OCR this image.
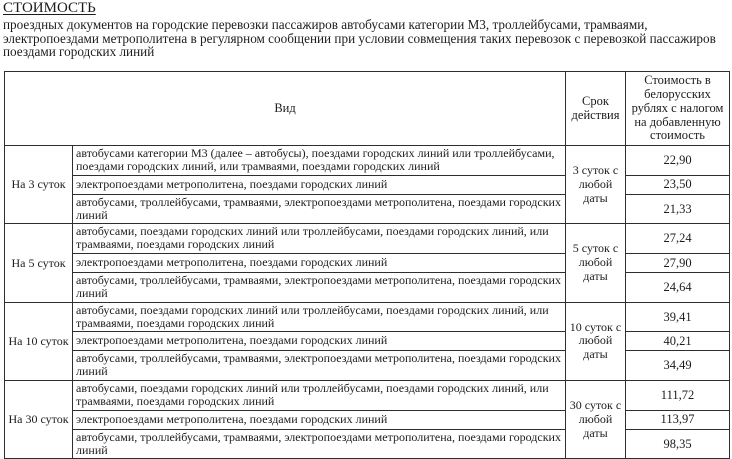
СТОИМОСТЬ
проездных документов на городские перевозки пассажиров автобусами категории М3, троллейбусами, трамваями, электропоездами метрополитена в регулярном сообщении при условии совмещения таких перевозок с перевозкой пассажиров поездами городских линий
Вид		Срок действия	Стоимость в белорусских рублях с налогом на добавленную стоимость
На 3 суток	автобусами категории М3 (далее – автобусы), поездами городских линий или троллейбусами, поездами городских линий, или трамваями, поездами городских линий	3 суток с любой даты	22,90
	электропоездами метрополитена, поездами городских линий		23,50
	автобусами, троллейбусами, трамваями, электропоездами метрополитена, поездами городских линий		21,33
На 5 суток	автобусами, поездами городских линий или троллейбусами, поездами городских линий, или трамваями, поездами городских линий	5 суток с любой даты	27,24
	электропоездами метрополитена, поездами городских линий		27,90
	автобусами, троллейбусами, трамваями, электропоездами метрополитена, поездами городских линий		24,64
На 10 суток	автобусами, поездами городских линий или троллейбусами, поездами городских линий, или трамваями, поездами городских линий	10 суток с любой даты	39,41
	электропоездами метрополитена, поездами городских линий		40,21
	автобусами, троллейбусами, трамваями, электропоездами метрополитена, поездами городских линий		34,49
На 30 суток	автобусами, поездами городских линий или троллейбусами, поездами городских линий, или трамваями, поездами городских линий	30 суток с любой даты	111,72
	электропоездами метрополитена, поездами городских линий		113,97
	автобусами, троллейбусами, трамваями, электропоездами метрополитена, поездами городских линий		98,35
